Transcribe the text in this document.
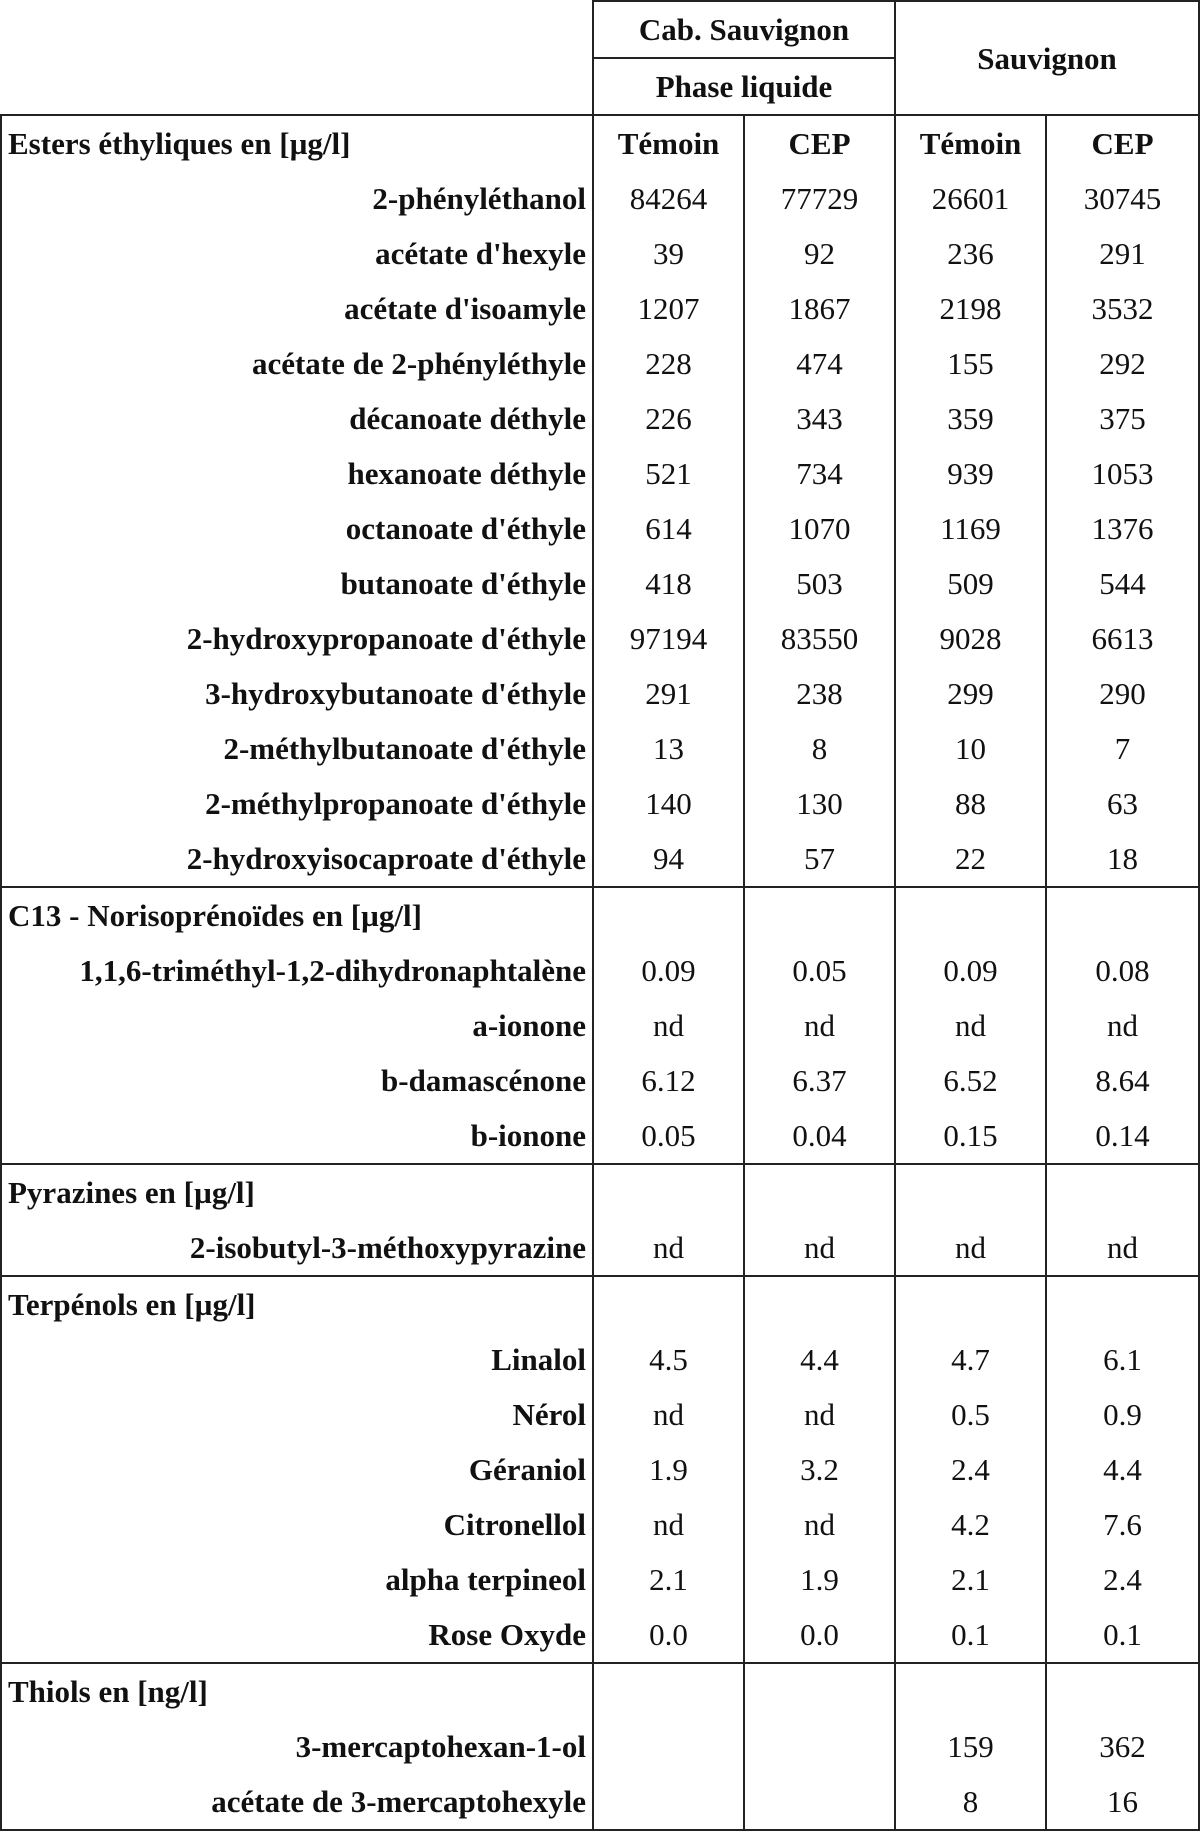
	Cab. Sauvignon		Sauvignon	
	Phase liquide			
Esters éthyliques en [µg/l]	Témoin	CEP	Témoin	CEP
2-phényléthanol	84264	77729	26601	30745
acétate d'hexyle	39	92	236	291
acétate d'isoamyle	1207	1867	2198	3532
acétate de 2-phényléthyle	228	474	155	292
décanoate déthyle	226	343	359	375
hexanoate déthyle	521	734	939	1053
octanoate d'éthyle	614	1070	1169	1376
butanoate d'éthyle	418	503	509	544
2-hydroxypropanoate d'éthyle	97194	83550	9028	6613
3-hydroxybutanoate d'éthyle	291	238	299	290
2-méthylbutanoate d'éthyle	13	8	10	7
2-méthylpropanoate d'éthyle	140	130	88	63
2-hydroxyisocaproate d'éthyle	94	57	22	18
C13 - Norisoprénoïdes en [µg/l]				
1,1,6-triméthyl-1,2-dihydronaphtalène	0.09	0.05	0.09	0.08
a-ionone	nd	nd	nd	nd
b-damascénone	6.12	6.37	6.52	8.64
b-ionone	0.05	0.04	0.15	0.14
Pyrazines en [µg/l]				
2-isobutyl-3-méthoxypyrazine	nd	nd	nd	nd
Terpénols en [µg/l]				
Linalol	4.5	4.4	4.7	6.1
Nérol	nd	nd	0.5	0.9
Géraniol	1.9	3.2	2.4	4.4
Citronellol	nd	nd	4.2	7.6
alpha terpineol	2.1	1.9	2.1	2.4
Rose Oxyde	0.0	0.0	0.1	0.1
Thiols en [ng/l]				
3-mercaptohexan-1-ol			159	362
acétate de 3-mercaptohexyle			8	16
